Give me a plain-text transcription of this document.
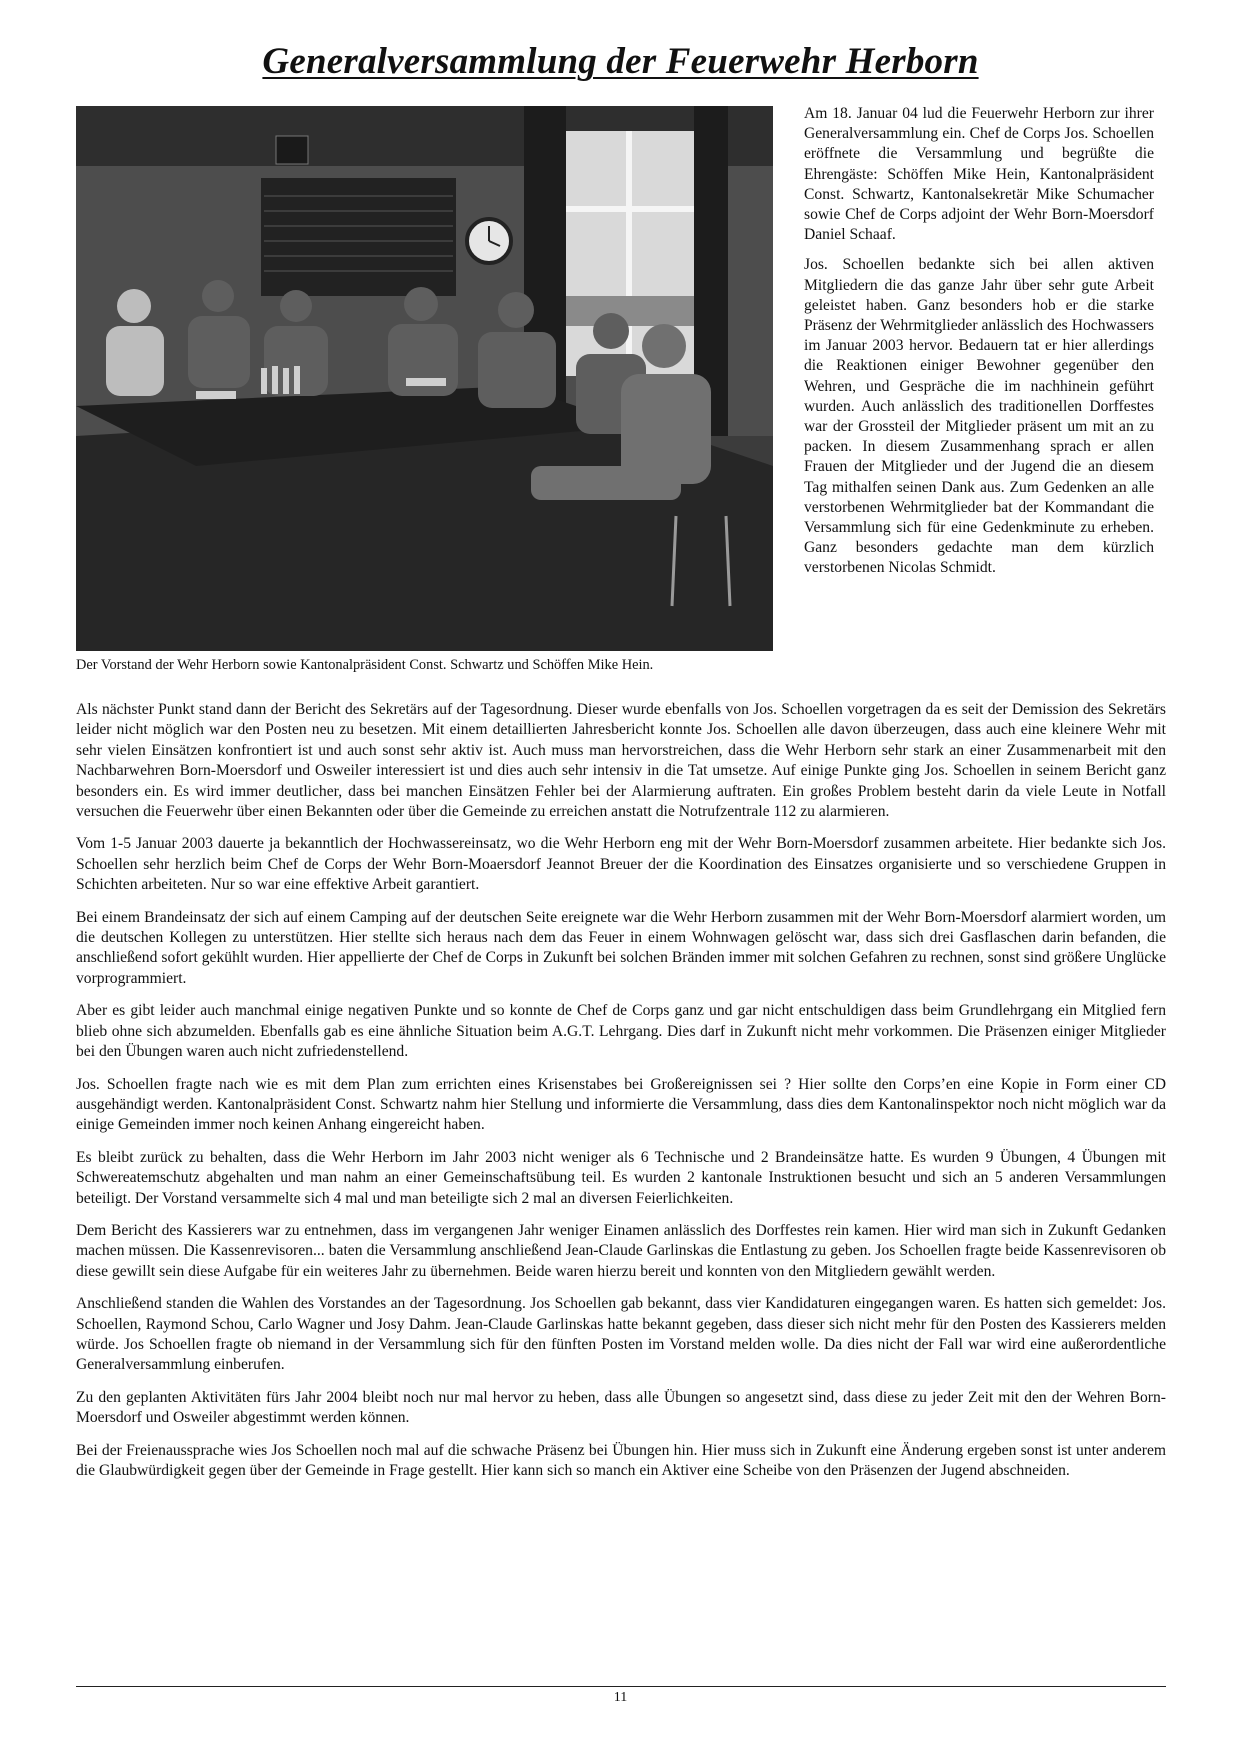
Generalversammlung der Feuerwehr Herborn
Der Vorstand der Wehr Herborn sowie Kantonalpräsident Const. Schwartz und Schöffen Mike Hein.

Am 18. Januar 04 lud die Feuerwehr Herborn zur ihrer Generalversammlung ein. Chef de Corps Jos. Schoellen eröffnete die Versammlung und begrüßte die Ehrengäste: Schöffen Mike Hein, Kantonalpräsident Const. Schwartz, Kantonalsekretär Mike Schumacher sowie Chef de Corps adjoint der Wehr Born-Moersdorf Daniel Schaaf.

Jos. Schoellen bedankte sich bei allen aktiven Mitgliedern die das ganze Jahr über sehr gute Arbeit geleistet haben. Ganz besonders hob er die starke Präsenz der Wehrmitglieder anlässlich des Hochwassers im Januar 2003 hervor. Bedauern tat er hier allerdings die Reaktionen einiger Bewohner gegenüber den Wehren, und Gespräche die im nachhinein geführt wurden. Auch anlässlich des traditionellen Dorffestes war der Grossteil der Mitglieder präsent um mit an zu packen. In diesem Zusammenhang sprach er allen Frauen der Mitglieder und der Jugend die an diesem Tag mithalfen seinen Dank aus. Zum Gedenken an alle verstorbenen Wehrmitglieder bat der Kommandant die Versammlung sich für eine Gedenkminute zu erheben. Ganz besonders gedachte man dem kürzlich verstorbenen Nicolas Schmidt.

Als nächster Punkt stand dann der Bericht des Sekretärs auf der Tagesordnung. Dieser wurde ebenfalls von Jos. Schoellen vorgetragen da es seit der Demission des Sekretärs leider nicht möglich war den Posten neu zu besetzen. Mit einem detaillierten Jahresbericht konnte Jos. Schoellen alle davon überzeugen, dass auch eine kleinere Wehr mit sehr vielen Einsätzen konfrontiert ist und auch sonst sehr aktiv ist. Auch muss man hervorstreichen, dass die Wehr Herborn sehr stark an einer Zusammenarbeit mit den Nachbarwehren Born-Moersdorf und Osweiler interessiert ist und dies auch sehr intensiv in die Tat umsetze. Auf einige Punkte ging Jos. Schoellen in seinem Bericht ganz besonders ein. Es wird immer deutlicher, dass bei manchen Einsätzen Fehler bei der Alarmierung auftraten. Ein großes Problem besteht darin da viele Leute in Notfall versuchen die Feuerwehr über einen Bekannten oder über die Gemeinde zu erreichen anstatt die Notrufzentrale 112 zu alarmieren.

Vom 1-5 Januar 2003 dauerte ja bekanntlich der Hochwassereinsatz, wo die Wehr Herborn eng mit der Wehr Born-Moersdorf zusammen arbeitete. Hier bedankte sich Jos. Schoellen sehr herzlich beim Chef de Corps der Wehr Born-Moaersdorf Jeannot Breuer der die Koordination des Einsatzes organisierte und so verschiedene Gruppen in Schichten arbeiteten. Nur so war eine effektive Arbeit garantiert.

Bei einem Brandeinsatz der sich auf einem Camping auf der deutschen Seite ereignete war die Wehr Herborn zusammen mit der Wehr Born-Moersdorf alarmiert worden, um die deutschen Kollegen zu unterstützen. Hier stellte sich heraus nach dem das Feuer in einem Wohnwagen gelöscht war, dass sich drei Gasflaschen darin befanden, die anschließend sofort gekühlt wurden. Hier appellierte der Chef de Corps in Zukunft bei solchen Bränden immer mit solchen Gefahren zu rechnen, sonst sind größere Unglücke vorprogrammiert.

Aber es gibt leider auch manchmal einige negativen Punkte und so konnte de Chef de Corps ganz und gar nicht entschuldigen dass beim Grundlehrgang ein Mitglied fern blieb ohne sich abzumelden. Ebenfalls gab es eine ähnliche Situation beim A.G.T. Lehrgang. Dies darf in Zukunft nicht mehr vorkommen. Die Präsenzen einiger Mitglieder bei den Übungen waren auch nicht zufriedenstellend.

Jos. Schoellen fragte nach wie es mit dem Plan zum errichten eines Krisenstabes bei Großereignissen sei ? Hier sollte den Corps’en eine Kopie in Form einer CD ausgehändigt werden. Kantonalpräsident Const. Schwartz nahm hier Stellung und informierte die Versammlung, dass dies dem Kantonalinspektor noch nicht möglich war da einige Gemeinden immer noch keinen Anhang eingereicht haben.

Es bleibt zurück zu behalten, dass die Wehr Herborn im Jahr 2003 nicht weniger als 6 Technische und 2 Brandeinsätze hatte. Es wurden 9 Übungen, 4 Übungen mit Schwereatemschutz abgehalten und man nahm an einer Gemeinschaftsübung teil. Es wurden 2 kantonale Instruktionen besucht und sich an 5 anderen Versammlungen beteiligt. Der Vorstand versammelte sich 4 mal und man beteiligte sich 2 mal an diversen Feierlichkeiten.

Dem Bericht des Kassierers war zu entnehmen, dass im vergangenen Jahr weniger Einamen anlässlich des Dorffestes rein kamen. Hier wird man sich in Zukunft Gedanken machen müssen. Die Kassenrevisoren... baten die Versammlung anschließend Jean-Claude Garlinskas die Entlastung zu geben. Jos Schoellen fragte beide Kassenrevisoren ob diese gewillt sein diese Aufgabe für ein weiteres Jahr zu übernehmen. Beide waren hierzu bereit und konnten von den Mitgliedern gewählt werden.

Anschließend standen die Wahlen des Vorstandes an der Tagesordnung. Jos Schoellen gab bekannt, dass vier Kandidaturen eingegangen waren. Es hatten sich gemeldet: Jos. Schoellen, Raymond Schou, Carlo Wagner und Josy Dahm. Jean-Claude Garlinskas hatte bekannt gegeben, dass dieser sich nicht mehr für den Posten des Kassierers melden würde. Jos Schoellen fragte ob niemand in der Versammlung sich für den fünften Posten im Vorstand melden wolle. Da dies nicht der Fall war wird eine außerordentliche Generalversammlung einberufen.

Zu den geplanten Aktivitäten fürs Jahr 2004 bleibt noch nur mal hervor zu heben, dass alle Übungen so angesetzt sind, dass diese zu jeder Zeit mit den der Wehren Born-Moersdorf und Osweiler abgestimmt werden können.

Bei der Freienaussprache wies Jos Schoellen noch mal auf die schwache Präsenz bei Übungen hin. Hier muss sich in Zukunft eine Änderung ergeben sonst ist unter anderem die Glaubwürdigkeit gegen über der Gemeinde in Frage gestellt. Hier kann sich so manch ein Aktiver eine Scheibe von den Präsenzen der Jugend abschneiden.

11
